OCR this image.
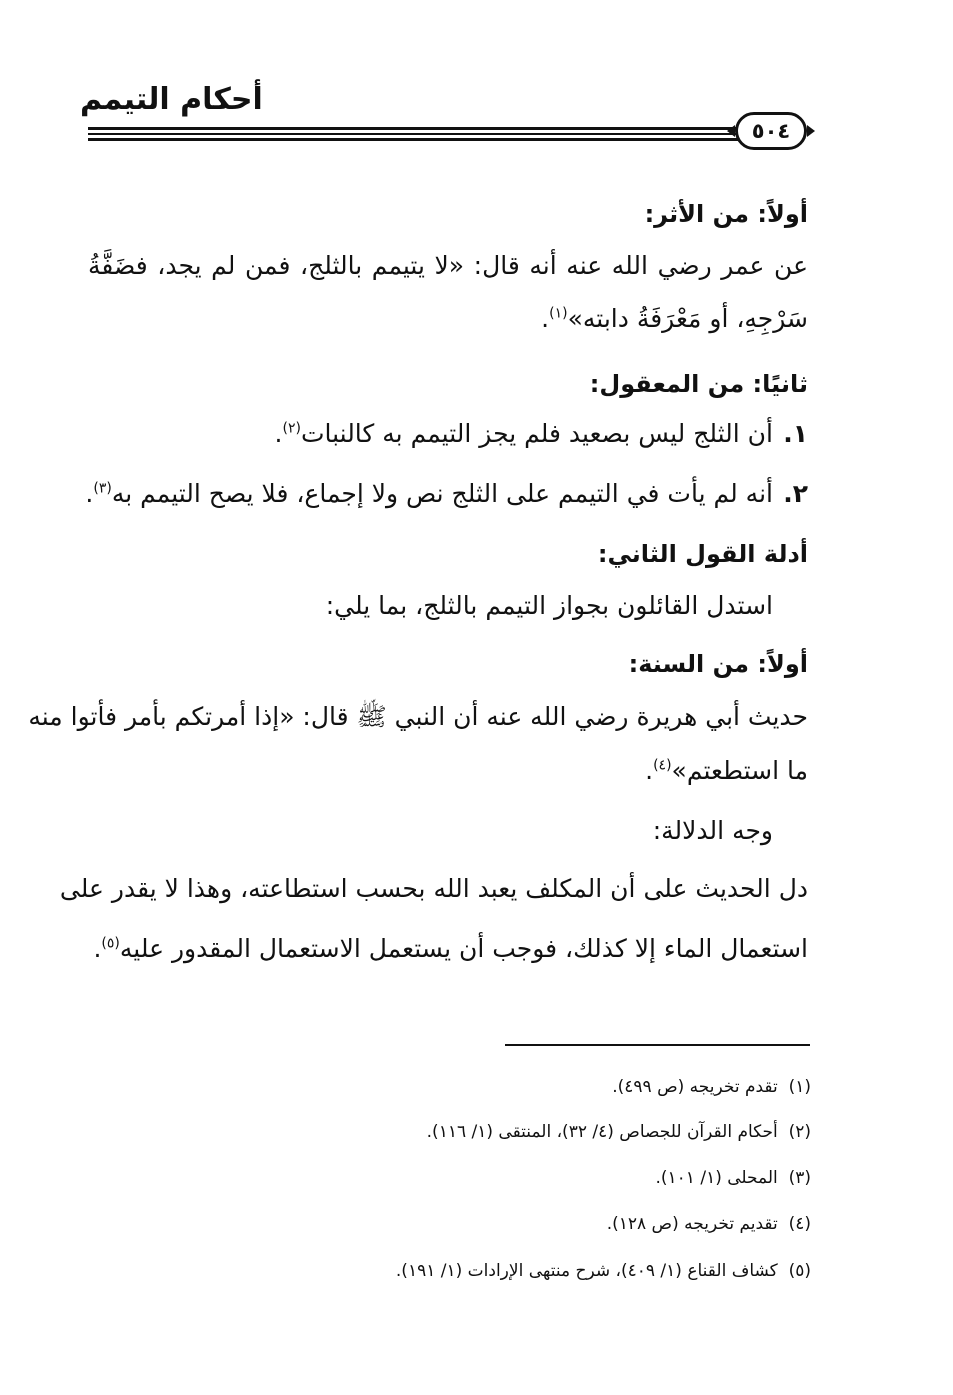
أحكام التيمم
٥٠٤
أولاً: من الأثر:
عن عمر رضي الله عنه أنه قال: «لا يتيمم بالثلج، فمن لم يجد، فضَفَّةُ
سَرْجِهِ، أو مَعْرَفَةُ دابته»$^{(١)}$.
ثانيًا: من المعقول:
١.
أن الثلج ليس بصعيد فلم يجز التيمم به كالنبات$^{(٢)}$.
٢.
أنه لم يأت في التيمم على الثلج نص ولا إجماع، فلا يصح التيمم به$^{(٣)}$.
أدلة القول الثاني:
استدل القائلون بجواز التيمم بالثلج، بما يلي:
أولاً: من السنة:
حديث أبي هريرة رضي الله عنه أن النبي ﷺ قال: «إذا أمرتكم بأمر فأتوا منه
ما استطعتم»$^{(٤)}$.
وجه الدلالة:
دل الحديث على أن المكلف يعبد الله بحسب استطاعته، وهذا لا يقدر على
استعمال الماء إلا كذلك، فوجب أن يستعمل الاستعمال المقدور عليه$^{(٥)}$.
(١)  تقدم تخريجه (ص ٤٩٩).
(٢)  أحكام القرآن للجصاص (٤/ ٣٢)، المنتقى (١/ ١١٦).
(٣)  المحلى (١/ ١٠١).
(٤)  تقديم تخريجه (ص ١٢٨).
(٥)  كشاف القناع (١/ ٤٠٩)، شرح منتهى الإرادات (١/ ١٩١).
